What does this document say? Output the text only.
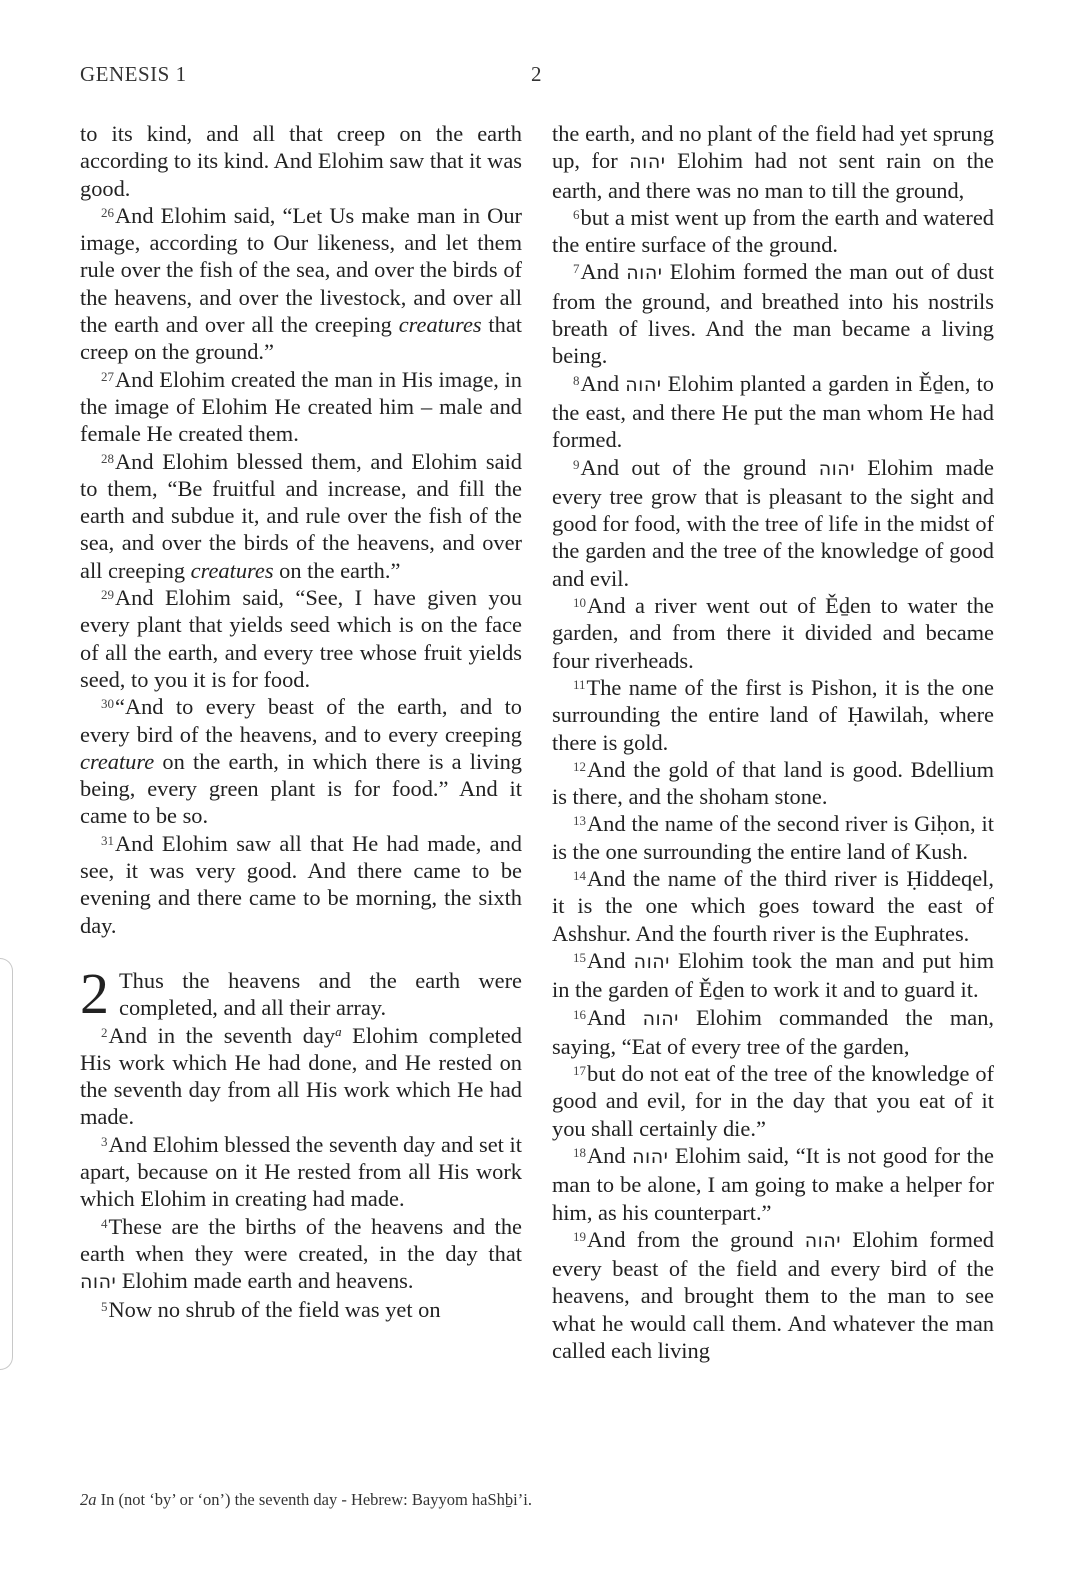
GENESIS 1	2

to its kind, and all that creep on the earth according to its kind. And Elohim saw that it was good.

$^{26}$And Elohim said, “Let Us make man in Our image, according to Our likeness, and let them rule over the fish of the sea, and over the birds of the heavens, and over the livestock, and over all the earth and over all the creeping creatures that creep on the ground.”

$^{27}$And Elohim created the man in His image, in the image of Elohim He created him – male and female He created them.

$^{28}$And Elohim blessed them, and Elohim said to them, “Be fruitful and increase, and fill the earth and subdue it, and rule over the fish of the sea, and over the birds of the heavens, and over all creeping creatures on the earth.”

$^{29}$And Elohim said, “See, I have given you every plant that yields seed which is on the face of all the earth, and every tree whose fruit yields seed, to you it is for food.

$^{30}$“And to every beast of the earth, and to every bird of the heavens, and to every creeping creature on the earth, in which there is a living being, every green plant is for food.” And it came to be so.

$^{31}$And Elohim saw all that He had made, and see, it was very good. And there came to be evening and there came to be morning, the sixth day.

2 Thus the heavens and the earth were completed, and all their array.

$^2$And in the seventh day$^a$ Elohim completed His work which He had done, and He rested on the seventh day from all His work which He had made.

$^3$And Elohim blessed the seventh day and set it apart, because on it He rested from all His work which Elohim in creating had made.

$^4$These are the births of the heavens and the earth when they were created, in the day that יהוה Elohim made earth and heavens.

$^5$Now no shrub of the field was yet on

the earth, and no plant of the field had yet sprung up, for יהוה Elohim had not sent rain on the earth, and there was no man to till the ground,

$^6$but a mist went up from the earth and watered the entire surface of the ground.

$^7$And יהוה Elohim formed the man out of dust from the ground, and breathed into his nostrils breath of lives. And the man became a living being.

$^8$And יהוה Elohim planted a garden in Ěḏen, to the east, and there He put the man whom He had formed.

$^9$And out of the ground יהוה Elohim made every tree grow that is pleasant to the sight and good for food, with the tree of life in the midst of the garden and the tree of the knowledge of good and evil.

$^{10}$And a river went out of Ěḏen to water the garden, and from there it divided and became four riverheads.

$^{11}$The name of the first is Pishon, it is the one surrounding the entire land of Ḥawilah, where there is gold.

$^{12}$And the gold of that land is good. Bdellium is there, and the shoham stone.

$^{13}$And the name of the second river is Giḥon, it is the one surrounding the entire land of Kush.

$^{14}$And the name of the third river is Ḥiddeqel, it is the one which goes toward the east of Ashshur. And the fourth river is the Euphrates.

$^{15}$And יהוה Elohim took the man and put him in the garden of Ěḏen to work it and to guard it.

$^{16}$And יהוה Elohim commanded the man, saying, “Eat of every tree of the garden,

$^{17}$but do not eat of the tree of the knowledge of good and evil, for in the day that you eat of it you shall certainly die.”

$^{18}$And יהוה Elohim said, “It is not good for the man to be alone, I am going to make a helper for him, as his counterpart.”

$^{19}$And from the ground יהוה Elohim formed every beast of the field and every bird of the heavens, and brought them to the man to see what he would call them. And whatever the man called each living

2a In (not ‘by’ or ‘on’) the seventh day - Hebrew: Bayyom haShḇi’i.
